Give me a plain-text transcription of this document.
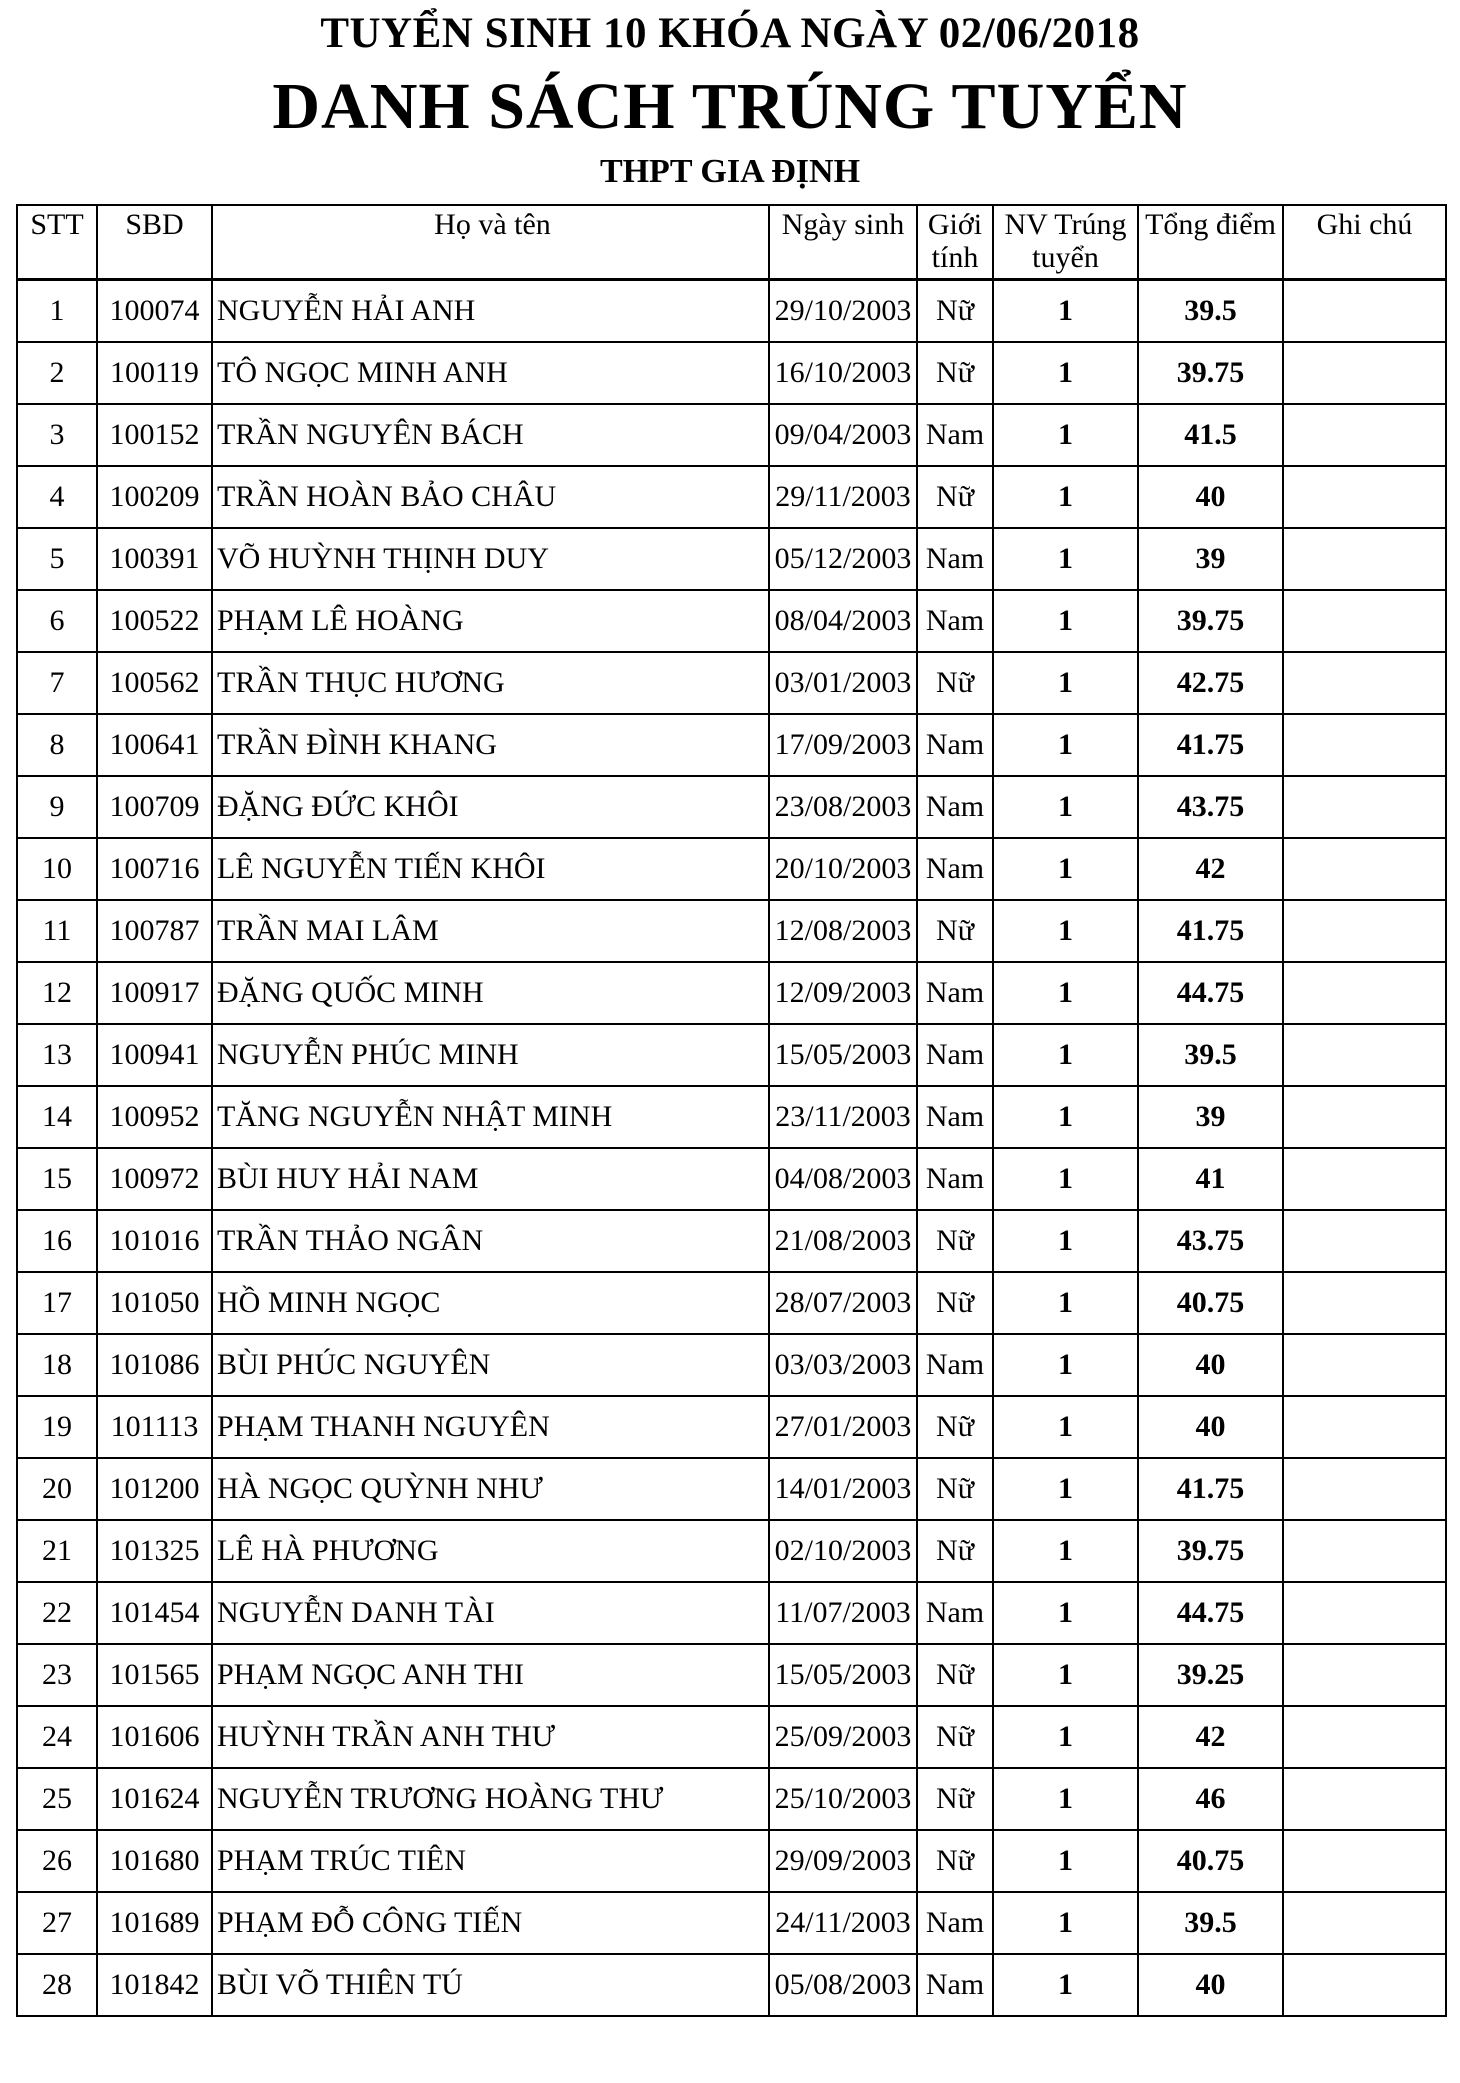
TUYỂN SINH 10 KHÓA NGÀY 02/06/2018
DANH SÁCH TRÚNG TUYỂN
THPT GIA ĐỊNH
STT	SBD	Họ và tên	Ngày sinh	Giới tính	NV Trúng tuyển	Tổng điểm	Ghi chú
1	100074	NGUYỄN HẢI ANH	29/10/2003	Nữ	1	39.5	
2	100119	TÔ NGỌC MINH ANH	16/10/2003	Nữ	1	39.75	
3	100152	TRẦN NGUYÊN BÁCH	09/04/2003	Nam	1	41.5	
4	100209	TRẦN HOÀN BẢO CHÂU	29/11/2003	Nữ	1	40	
5	100391	VÕ HUỲNH THỊNH DUY	05/12/2003	Nam	1	39	
6	100522	PHẠM LÊ HOÀNG	08/04/2003	Nam	1	39.75	
7	100562	TRẦN THỤC HƯƠNG	03/01/2003	Nữ	1	42.75	
8	100641	TRẦN ĐÌNH KHANG	17/09/2003	Nam	1	41.75	
9	100709	ĐẶNG ĐỨC KHÔI	23/08/2003	Nam	1	43.75	
10	100716	LÊ NGUYỄN TIẾN KHÔI	20/10/2003	Nam	1	42	
11	100787	TRẦN MAI LÂM	12/08/2003	Nữ	1	41.75	
12	100917	ĐẶNG QUỐC MINH	12/09/2003	Nam	1	44.75	
13	100941	NGUYỄN PHÚC MINH	15/05/2003	Nam	1	39.5	
14	100952	TĂNG NGUYỄN NHẬT MINH	23/11/2003	Nam	1	39	
15	100972	BÙI HUY HẢI NAM	04/08/2003	Nam	1	41	
16	101016	TRẦN THẢO NGÂN	21/08/2003	Nữ	1	43.75	
17	101050	HỒ MINH NGỌC	28/07/2003	Nữ	1	40.75	
18	101086	BÙI PHÚC NGUYÊN	03/03/2003	Nam	1	40	
19	101113	PHẠM THANH NGUYÊN	27/01/2003	Nữ	1	40	
20	101200	HÀ NGỌC QUỲNH NHƯ	14/01/2003	Nữ	1	41.75	
21	101325	LÊ HÀ PHƯƠNG	02/10/2003	Nữ	1	39.75	
22	101454	NGUYỄN DANH TÀI	11/07/2003	Nam	1	44.75	
23	101565	PHẠM NGỌC ANH THI	15/05/2003	Nữ	1	39.25	
24	101606	HUỲNH TRẦN ANH THƯ	25/09/2003	Nữ	1	42	
25	101624	NGUYỄN TRƯƠNG HOÀNG THƯ	25/10/2003	Nữ	1	46	
26	101680	PHẠM TRÚC TIÊN	29/09/2003	Nữ	1	40.75	
27	101689	PHẠM ĐỖ CÔNG TIẾN	24/11/2003	Nam	1	39.5	
28	101842	BÙI VÕ THIÊN TÚ	05/08/2003	Nam	1	40	
